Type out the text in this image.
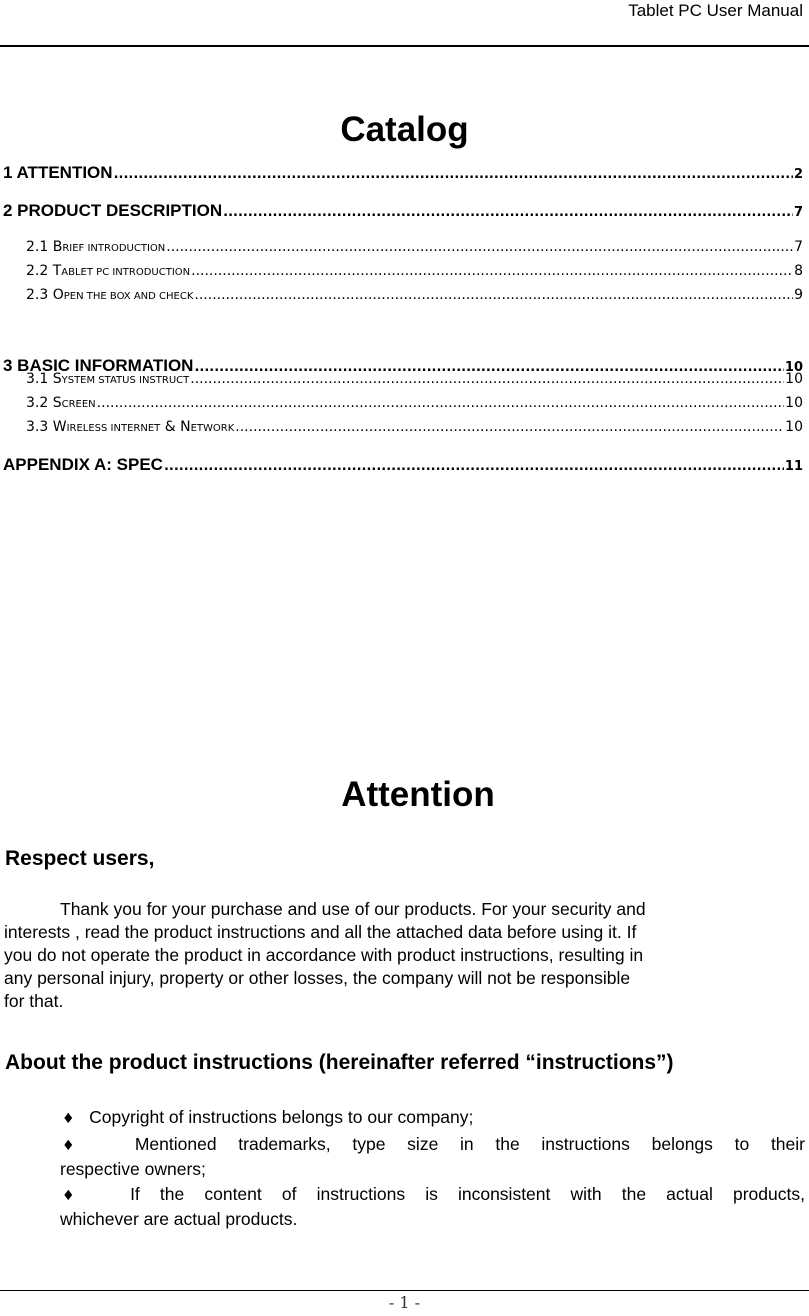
Tablet PC User Manual
Catalog
1 ATTENTION .....	2
2 PRODUCT DESCRIPTION .....	7
2.1 BRIEF INTRODUCTION .....	7
2.2 TABLET PC INTRODUCTION .....	8
2.3 OPEN THE BOX AND CHECK .....	9
3 BASIC INFORMATION .....	10
3.1 SYSTEM STATUS INSTRUCT .....	10
3.2 SCREEN .....	10
3.3 WIRELESS INTERNET & NETWORK .....	10
APPENDIX A: SPEC .....	11
Attention
Respect users,
Thank you for your purchase and use of our products. For your security and
interests , read the product instructions and all the attached data before using it. If
you do not operate the product in accordance with product instructions, resulting in
any personal injury, property or other losses, the company will not be responsible
for that.
About the product instructions (hereinafter referred “instructions”)
♦ Copyright of instructions belongs to our company;
♦ Mentioned trademarks, type size in the instructions belongs to their
respective owners;
♦ If the content of instructions is inconsistent with the actual products,
whichever are actual products.
- 1 -
